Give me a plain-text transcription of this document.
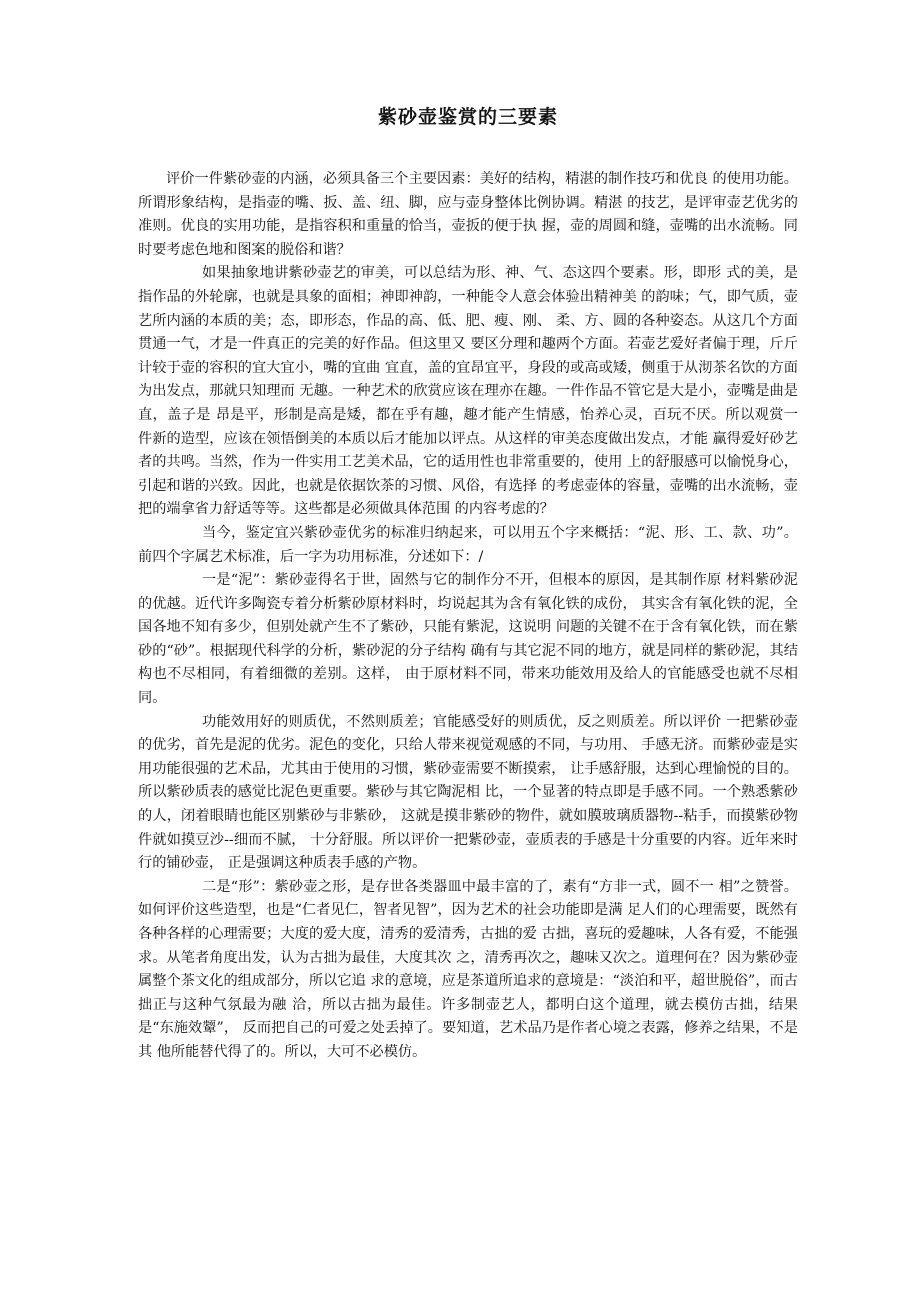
紫砂壶鉴赏的三要素

评价一件紫砂壶的内涵，必须具备三个主要因素：美好的结构，精湛的制作技巧和优良 的使用功能。所谓形象结构，是指壶的嘴、扳、盖、纽、脚，应与壶身整体比例协调。精湛 的技艺，是评审壶艺优劣的准则。优良的实用功能，是指容积和重量的恰当，壶扳的便于执 握，壶的周圆和缝，壶嘴的出水流畅。同时要考虑色地和图案的脱俗和谐？

如果抽象地讲紫砂壶艺的审美，可以总结为形、神、气、态这四个要素。形，即形 式的美，是指作品的外轮廓，也就是具象的面相；神即神韵，一种能令人意会体验出精神美 的韵味；气，即气质，壶艺所内涵的本质的美；态，即形态，作品的高、低、肥、瘦、刚、 柔、方、圆的各种姿态。从这几个方面贯通一气，才是一件真正的完美的好作品。但这里又 要区分理和趣两个方面。若壶艺爱好者偏于理，斤斤计较于壶的容积的宜大宜小，嘴的宜曲 宜直，盖的宜昂宜平，身段的或高或矮，侧重于从沏茶名饮的方面为出发点，那就只知理而 无趣。一种艺术的欣赏应该在理亦在趣。一件作品不管它是大是小，壶嘴是曲是直，盖子是 昂是平，形制是高是矮，都在乎有趣，趣才能产生情感，怡养心灵，百玩不厌。所以观赏一 件新的造型，应该在领悟倒美的本质以后才能加以评点。从这样的审美态度做出发点，才能 赢得爱好砂艺者的共鸣。当然，作为一件实用工艺美术品，它的适用性也非常重要的，使用 上的舒服感可以愉悦身心，引起和谐的兴致。因此，也就是依据饮茶的习惯、风俗，有选择 的考虑壶体的容量，壶嘴的出水流畅，壶把的端拿省力舒适等等。这些都是必须做具体范围 的内容考虑的？

当今，鉴定宜兴紫砂壶优劣的标准归纳起来，可以用五个字来概括：“泥、形、工、款、功”。前四个字属艺术标准，后一字为功用标准，分述如下：/

一是“泥”：紫砂壶得名于世，固然与它的制作分不开，但根本的原因，是其制作原 材料紫砂泥的优越。近代许多陶瓷专着分析紫砂原材料时，均说起其为含有氧化铁的成份， 其实含有氧化铁的泥，全国各地不知有多少，但别处就产生不了紫砂，只能有紫泥，这说明 问题的关键不在于含有氧化铁，而在紫砂的“砂”。根据现代科学的分析，紫砂泥的分子结构 确有与其它泥不同的地方，就是同样的紫砂泥，其结构也不尽相同，有着细微的差别。这样， 由于原材料不同，带来功能效用及给人的官能感受也就不尽相同。

功能效用好的则质优，不然则质差；官能感受好的则质优，反之则质差。所以评价 一把紫砂壶的优劣，首先是泥的优劣。泥色的变化，只给人带来视觉观感的不同，与功用、 手感无济。而紫砂壶是实用功能很强的艺术品，尤其由于使用的习惯，紫砂壶需要不断摸索， 让手感舒服，达到心理愉悦的目的。所以紫砂质表的感觉比泥色更重要。紫砂与其它陶泥相 比，一个显著的特点即是手感不同。一个熟悉紫砂的人，闭着眼睛也能区别紫砂与非紫砂， 这就是摸非紫砂的物件，就如膜玻璃质器物--粘手，而摸紫砂物件就如摸豆沙--细而不腻， 十分舒服。所以评价一把紫砂壶，壶质表的手感是十分重要的内容。近年来时行的铺砂壶， 正是强调这种质表手感的产物。

二是“形”：紫砂壶之形，是存世各类器皿中最丰富的了，素有“方非一式，圆不一 相”之赞誉。如何评价这些造型，也是“仁者见仁，智者见智”，因为艺术的社会功能即是满 足人们的心理需要，既然有各种各样的心理需要；大度的爱大度，清秀的爱清秀，古拙的爱 古拙，喜玩的爱趣味，人各有爱，不能强求。从笔者角度出发，认为古拙为最佳，大度其次 之，清秀再次之，趣味又次之。道理何在？因为紫砂壶属整个茶文化的组成部分，所以它追 求的意境，应是茶道所追求的意境是：“淡泊和平，超世脱俗”，而古拙正与这种气氛最为融 洽，所以古拙为最佳。许多制壶艺人，都明白这个道理，就去模仿古拙，结果是“东施效颦”， 反而把自己的可爱之处丢掉了。要知道，艺术品乃是作者心境之表露，修养之结果，不是其 他所能替代得了的。所以，大可不必模仿。
